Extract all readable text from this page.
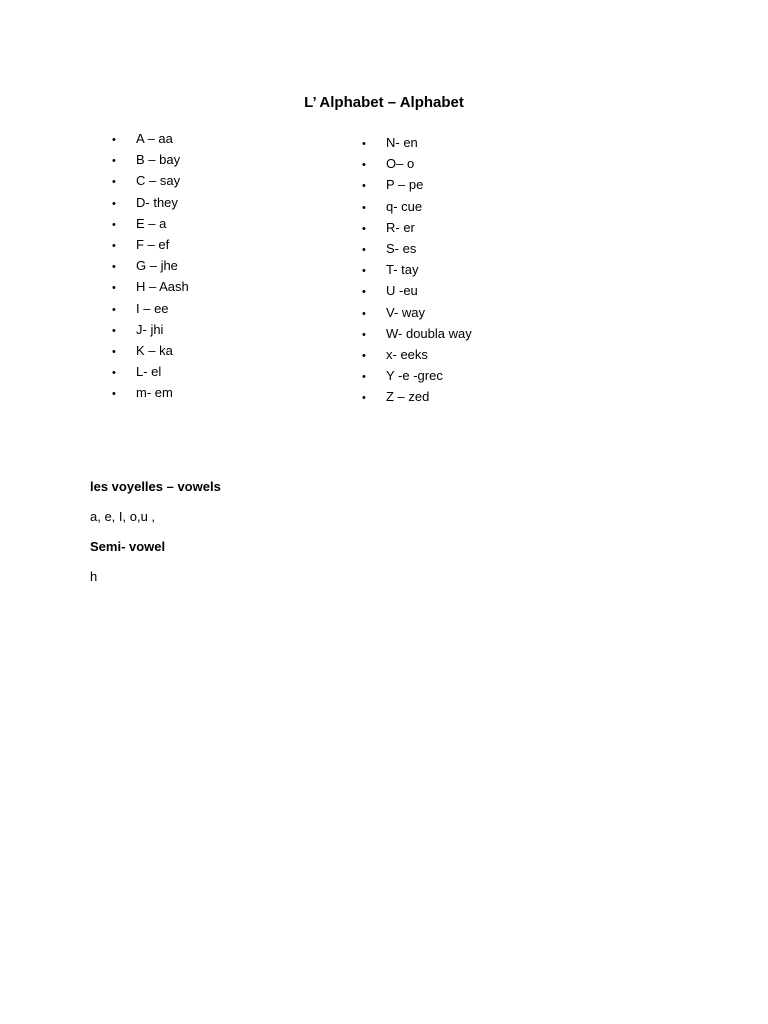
L’ Alphabet – Alphabet
• A – aa
• B – bay
• C – say
• D- they
• E – a
• F – ef
• G – jhe
• H – Aash
• I – ee
• J- jhi
• K – ka
• L- el
• m- em
• N- en
• O– o
• P – pe
• q- cue
• R- er
• S- es
• T- tay
• U -eu
• V- way
• W- doubla way
• x- eeks
• Y -e -grec
• Z – zed
les voyelles – vowels
a, e, I, o,u ,
Semi- vowel
h
